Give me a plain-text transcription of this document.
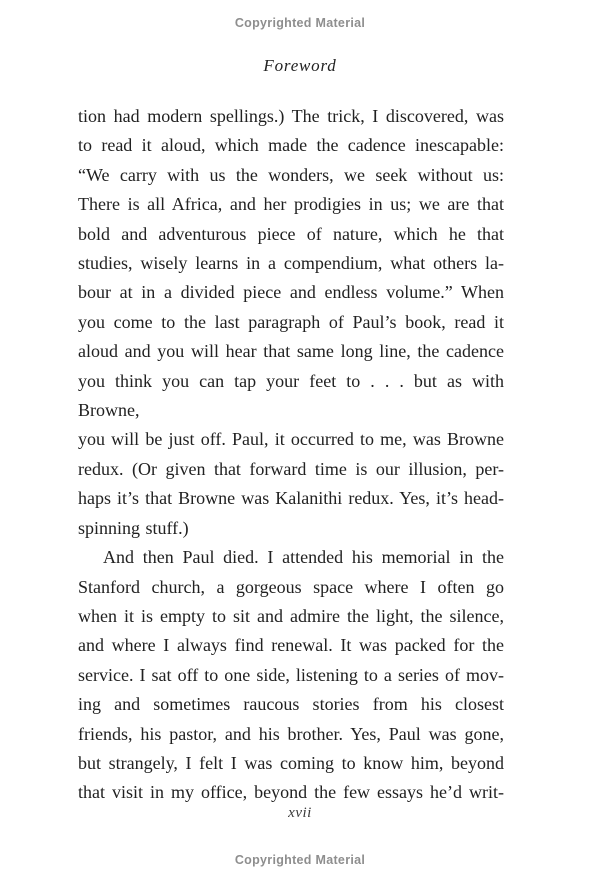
Copyrighted Material
Foreword
tion had modern spellings.) The trick, I discovered, was
to read it aloud, which made the cadence inescapable:
“We carry with us the wonders, we seek without us:
There is all Africa, and her prodigies in us; we are that
bold and adventurous piece of nature, which he that
studies, wisely learns in a compendium, what others la-
bour at in a divided piece and endless volume.” When
you come to the last paragraph of Paul’s book, read it
aloud and you will hear that same long line, the cadence
you think you can tap your feet to . . . but as with Browne,
you will be just off. Paul, it occurred to me, was Browne
redux. (Or given that forward time is our illusion, per-
haps it’s that Browne was Kalanithi redux. Yes, it’s head-
spinning stuff.)
And then Paul died. I attended his memorial in the
Stanford church, a gorgeous space where I often go
when it is empty to sit and admire the light, the silence,
and where I always find renewal. It was packed for the
service. I sat off to one side, listening to a series of mov-
ing and sometimes raucous stories from his closest
friends, his pastor, and his brother. Yes, Paul was gone,
but strangely, I felt I was coming to know him, beyond
that visit in my office, beyond the few essays he’d writ-
xvii
Copyrighted Material
